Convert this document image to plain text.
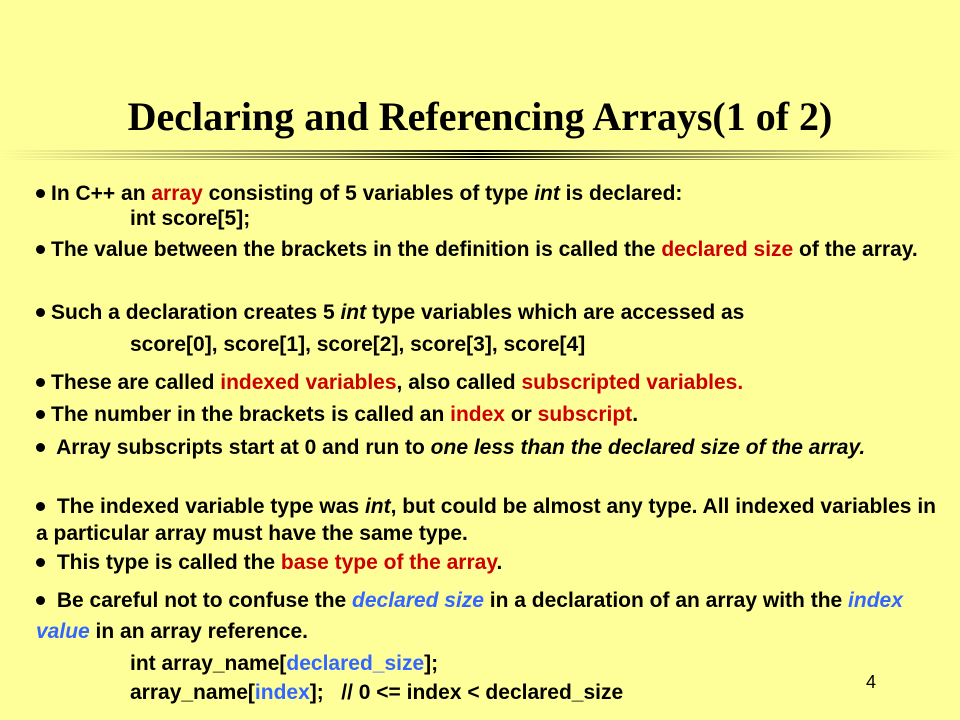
Declaring and Referencing Arrays(1 of 2)
In C++ an array consisting of 5 variables of type int is declared:
int score[5];
The value between the brackets in the definition is called the declared size of the array.
Such a declaration creates 5 int type variables which are accessed as
score[0], score[1], score[2], score[3], score[4]
These are called indexed variables, also called subscripted variables.
The number in the brackets is called an index or subscript.
Array subscripts start at 0 and run to one less than the declared size of the array.
The indexed variable type was int, but could be almost any type. All indexed variables in a particular array must have the same type.
This type is called the base type of the array.
Be careful not to confuse the declared size in a declaration of an array with the index value in an array reference.
int array_name[declared_size];
array_name[index];   // 0 <= index < declared_size	4
